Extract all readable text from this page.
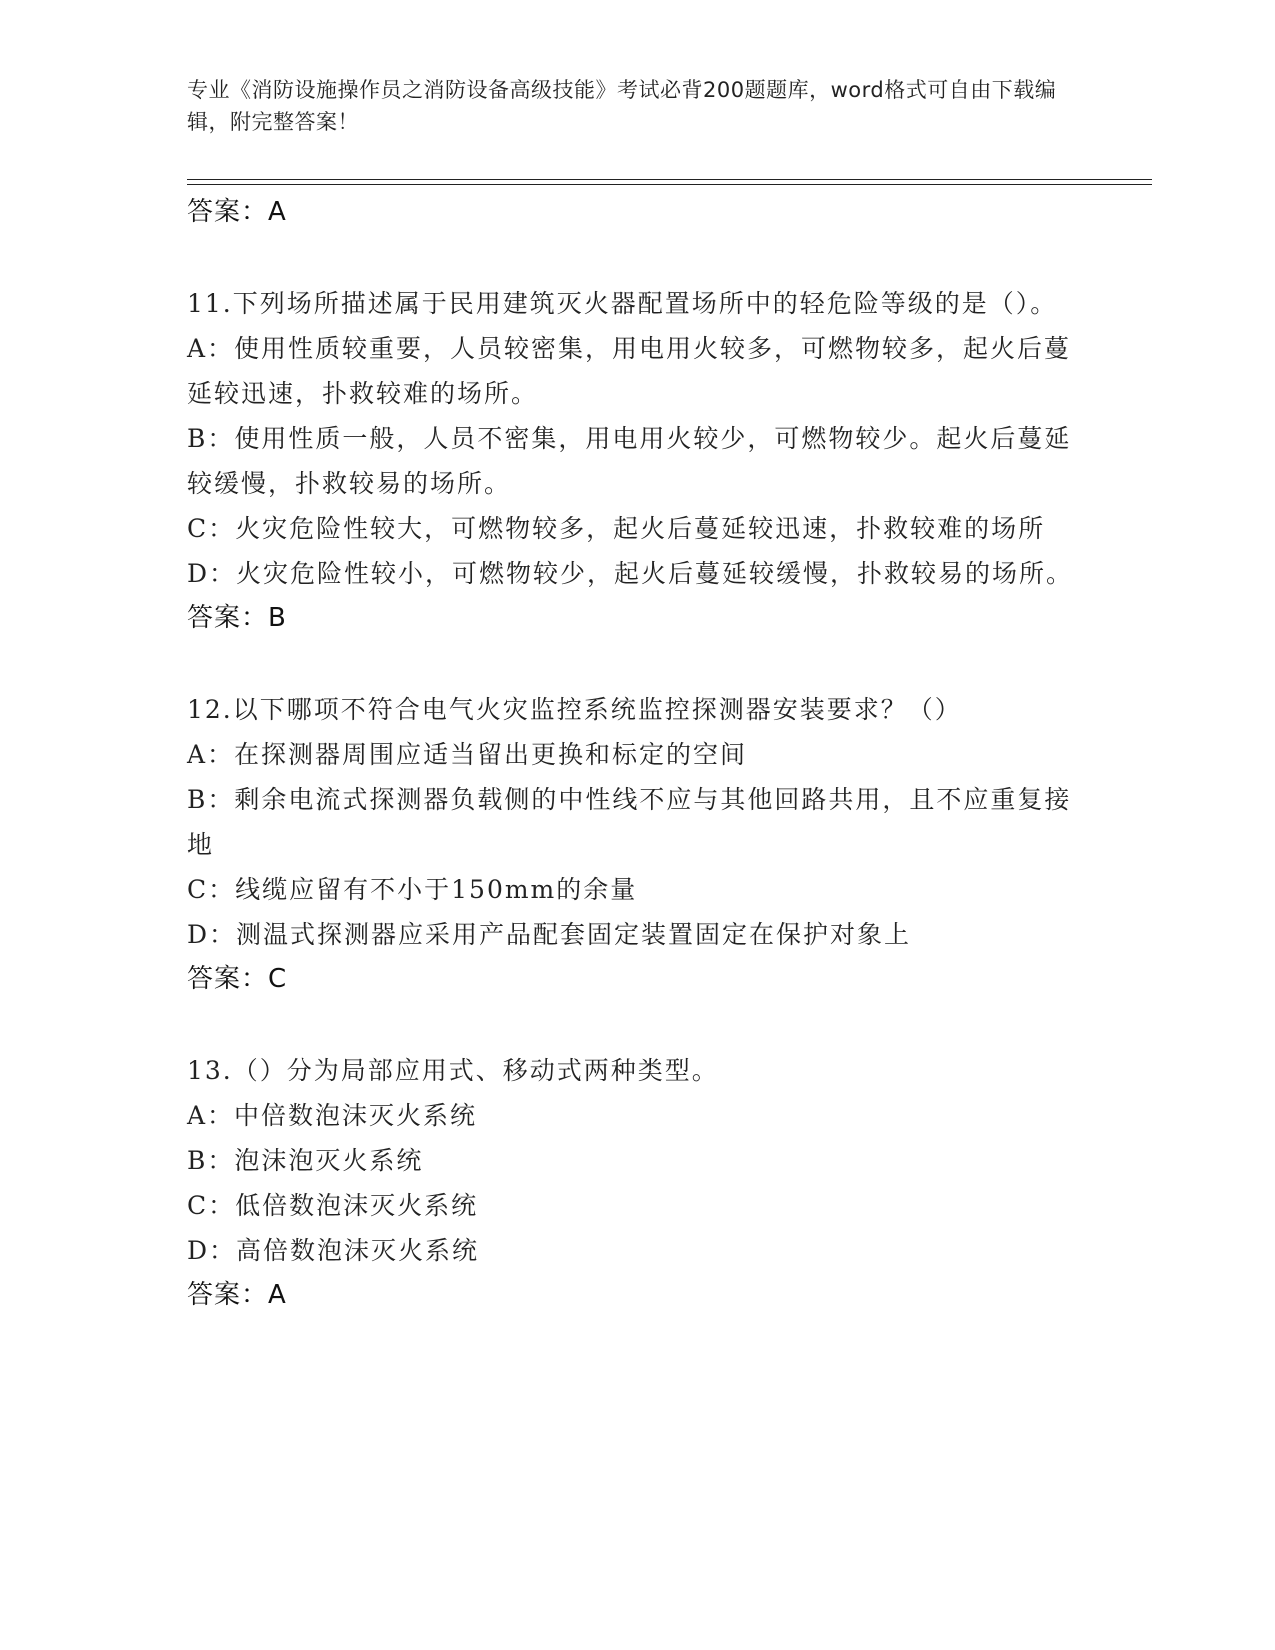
专业《消防设施操作员之消防设备高级技能》考试必背200题题库，word格式可自由下载编辑，附完整答案！
答案：A
11.下列场所描述属于民用建筑灭火器配置场所中的轻危险等级的是（）。
A：使用性质较重要，人员较密集，用电用火较多，可燃物较多，起火后蔓延较迅速，扑救较难的场所。
B：使用性质一般，人员不密集，用电用火较少，可燃物较少。起火后蔓延较缓慢，扑救较易的场所。
C：火灾危险性较大，可燃物较多，起火后蔓延较迅速，扑救较难的场所
D：火灾危险性较小，可燃物较少，起火后蔓延较缓慢，扑救较易的场所。
答案：B
12.以下哪项不符合电气火灾监控系统监控探测器安装要求？（）
A：在探测器周围应适当留出更换和标定的空间
B：剩余电流式探测器负载侧的中性线不应与其他回路共用，且不应重复接地
C：线缆应留有不小于150mm的余量
D：测温式探测器应采用产品配套固定装置固定在保护对象上
答案：C
13.（）分为局部应用式、移动式两种类型。
A：中倍数泡沫灭火系统
B：泡沫泡灭火系统
C：低倍数泡沫灭火系统
D：高倍数泡沫灭火系统
答案：A
